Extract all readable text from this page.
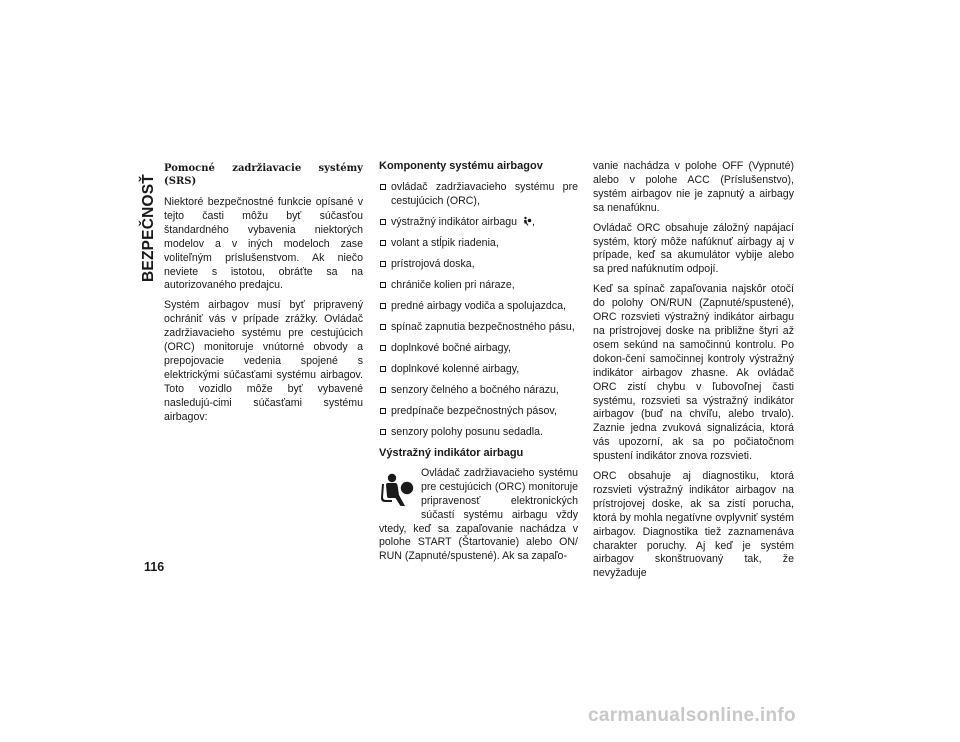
BEZPEČNOSŤ
Pomocné zadržiavacie systémy (SRS)

Niektoré bezpečnostné funkcie opísané v tejto časti môžu byť súčasťou štandardného vybavenia niektorých modelov a v iných modeloch zase voliteľným príslušenstvom. Ak niečo neviete s istotou, obráťte sa na autorizovaného predajcu.

Systém airbagov musí byť pripravený ochrániť vás v prípade zrážky. Ovládač zadržiavacieho systému pre cestujúcich (ORC) monitoruje vnútorné obvody a prepojovacie vedenia spojené s elektrickými súčasťami systému airbagov. Toto vozidlo môže byť vybavené nasledujú-cimi súčasťami systému airbagov:

Komponenty systému airbagov
ovládač zadržiavacieho systému pre cestujúcich (ORC),
výstražný indikátor airbagu ,
volant a stĺpik riadenia,
prístrojová doska,
chrániče kolien pri náraze,
predné airbagy vodiča a spolujazdca,
spínač zapnutia bezpečnostného pásu,
doplnkové bočné airbagy,
doplnkové kolenné airbagy,
senzory čelného a bočného nárazu,
predpínače bezpečnostných pásov,
senzory polohy posunu sedadla.
Výstražný indikátor airbagu

Ovládač zadržiavacieho systému pre cestujúcich (ORC) monitoruje pripravenosť elektronických súčastí systému airbagu vždy vtedy, keď sa zapaľovanie nachádza v polohe START (Štartovanie) alebo ON/ RUN (Zapnuté/spustené). Ak sa zapaľo-

vanie nachádza v polohe OFF (Vypnuté) alebo v polohe ACC (Príslušenstvo), systém airbagov nie je zapnutý a airbagy sa nenafúknu.

Ovládač ORC obsahuje záložný napájací systém, ktorý môže nafúknuť airbagy aj v prípade, keď sa akumulátor vybije alebo sa pred nafúknutím odpojí.

Keď sa spínač zapaľovania najskôr otočí do polohy ON/RUN (Zapnuté/spustené), ORC rozsvieti výstražný indikátor airbagu na prístrojovej doske na približne štyri až osem sekúnd na samočinnú kontrolu. Po dokon-čení samočinnej kontroly výstražný indikátor airbagov zhasne. Ak ovládač ORC zistí chybu v ľubovoľnej časti systému, rozsvieti sa výstražný indikátor airbagov (buď na chvíľu, alebo trvalo). Zaznie jedna zvuková signalizácia, ktorá vás upozorní, ak sa po počiatočnom spustení indikátor znova rozsvieti.

ORC obsahuje aj diagnostiku, ktorá rozsvieti výstražný indikátor airbagov na prístrojovej doske, ak sa zistí porucha, ktorá by mohla negatívne ovplyvniť systém airbagov. Diagnostika tiež zaznamenáva charakter poruchy. Aj keď je systém airbagov skonštruovaný tak, že nevyžaduje

116
carmanualsonline.info
